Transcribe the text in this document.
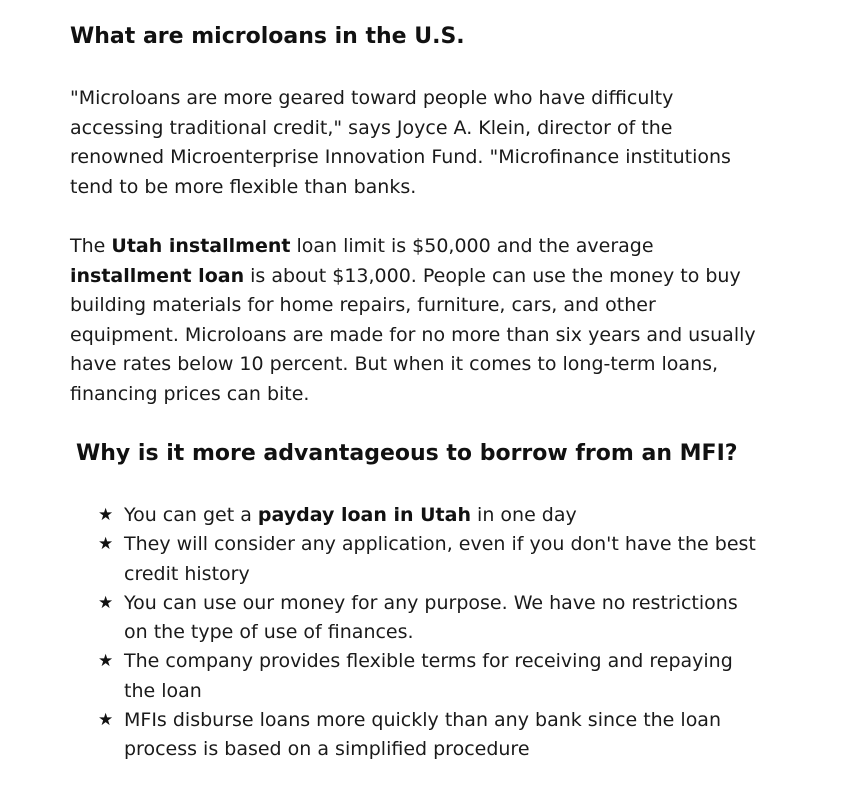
What are microloans in the U.S.

"Microloans are more geared toward people who have difficulty accessing traditional credit," says Joyce A. Klein, director of the renowned Microenterprise Innovation Fund. "Microfinance institutions tend to be more flexible than banks.

The Utah installment loan limit is $50,000 and the average installment loan is about $13,000. People can use the money to buy building materials for home repairs, furniture, cars, and other equipment. Microloans are made for no more than six years and usually have rates below 10 percent. But when it comes to long-term loans, financing prices can bite.

Why is it more advantageous to borrow from an MFI?
★ You can get a payday loan in Utah in one day
★ They will consider any application, even if you don't have the best credit history
★ You can use our money for any purpose. We have no restrictions on the type of use of finances.
★ The company provides flexible terms for receiving and repaying the loan
★ MFIs disburse loans more quickly than any bank since the loan process is based on a simplified procedure
